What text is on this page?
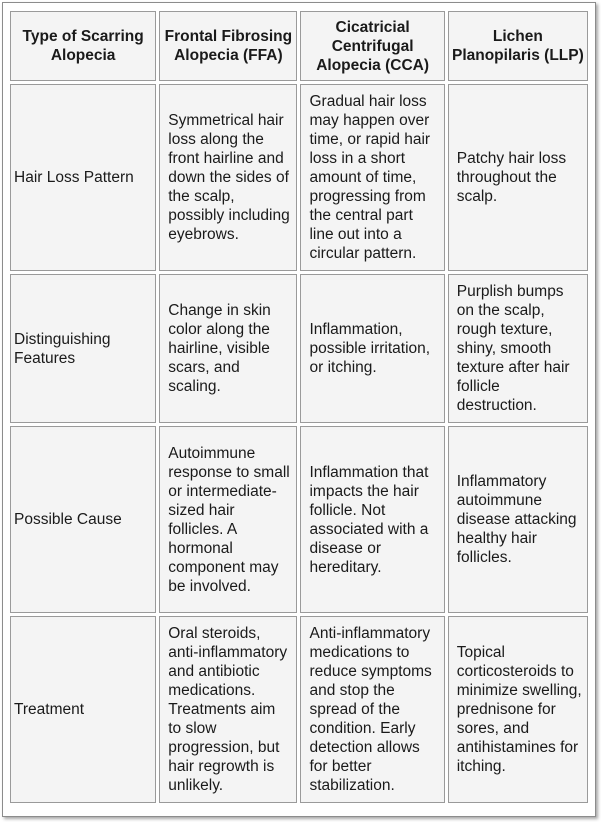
Type of Scarring Alopecia	Frontal Fibrosing Alopecia (FFA)	Cicatricial Centrifugal Alopecia (CCA)	Lichen Planopilaris (LLP)
Hair Loss Pattern	Symmetrical hair loss along the front hairline and down the sides of the scalp, possibly including eyebrows.	Gradual hair loss may happen over time, or rapid hair loss in a short amount of time, progressing from the central part line out into a circular pattern.	Patchy hair loss throughout the scalp.
Distinguishing Features	Change in skin color along the hairline, visible scars, and scaling.	Inflammation, possible irritation, or itching.	Purplish bumps on the scalp, rough texture, shiny, smooth texture after hair follicle destruction.
Possible Cause	Autoimmune response to small or intermediate-sized hair follicles. A hormonal component may be involved.	Inflammation that impacts the hair follicle. Not associated with a disease or hereditary.	Inflammatory autoimmune disease attacking healthy hair follicles.
Treatment	Oral steroids, anti-inflammatory and antibiotic medications. Treatments aim to slow progression, but hair regrowth is unlikely.	Anti-inflammatory medications to reduce symptoms and stop the spread of the condition. Early detection allows for better stabilization.	Topical corticosteroids to minimize swelling, prednisone for sores, and antihistamines for itching.
